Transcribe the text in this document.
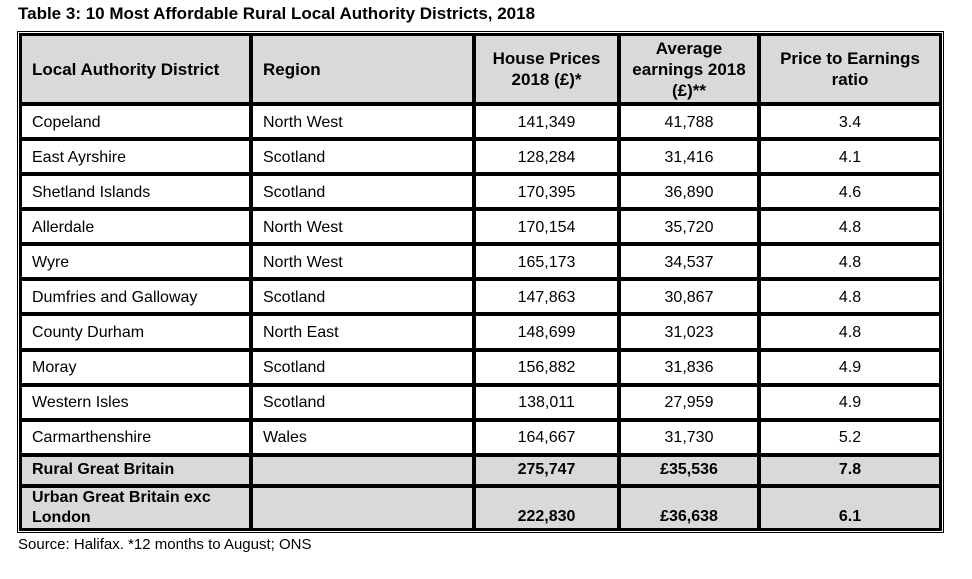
Table 3: 10 Most Affordable Rural Local Authority Districts, 2018
Local Authority District	Region	House Prices 2018 (£)*	Average earnings 2018 (£)**	Price to Earnings ratio
Copeland	North West	141,349	41,788	3.4
East Ayrshire	Scotland	128,284	31,416	4.1
Shetland Islands	Scotland	170,395	36,890	4.6
Allerdale	North West	170,154	35,720	4.8
Wyre	North West	165,173	34,537	4.8
Dumfries and Galloway	Scotland	147,863	30,867	4.8
County Durham	North East	148,699	31,023	4.8
Moray	Scotland	156,882	31,836	4.9
Western Isles	Scotland	138,011	27,959	4.9
Carmarthenshire	Wales	164,667	31,730	5.2
Rural Great Britain		275,747	£35,536	7.8
Urban Great Britain exc London		222,830	£36,638	6.1
Source: Halifax. *12 months to August; ONS
